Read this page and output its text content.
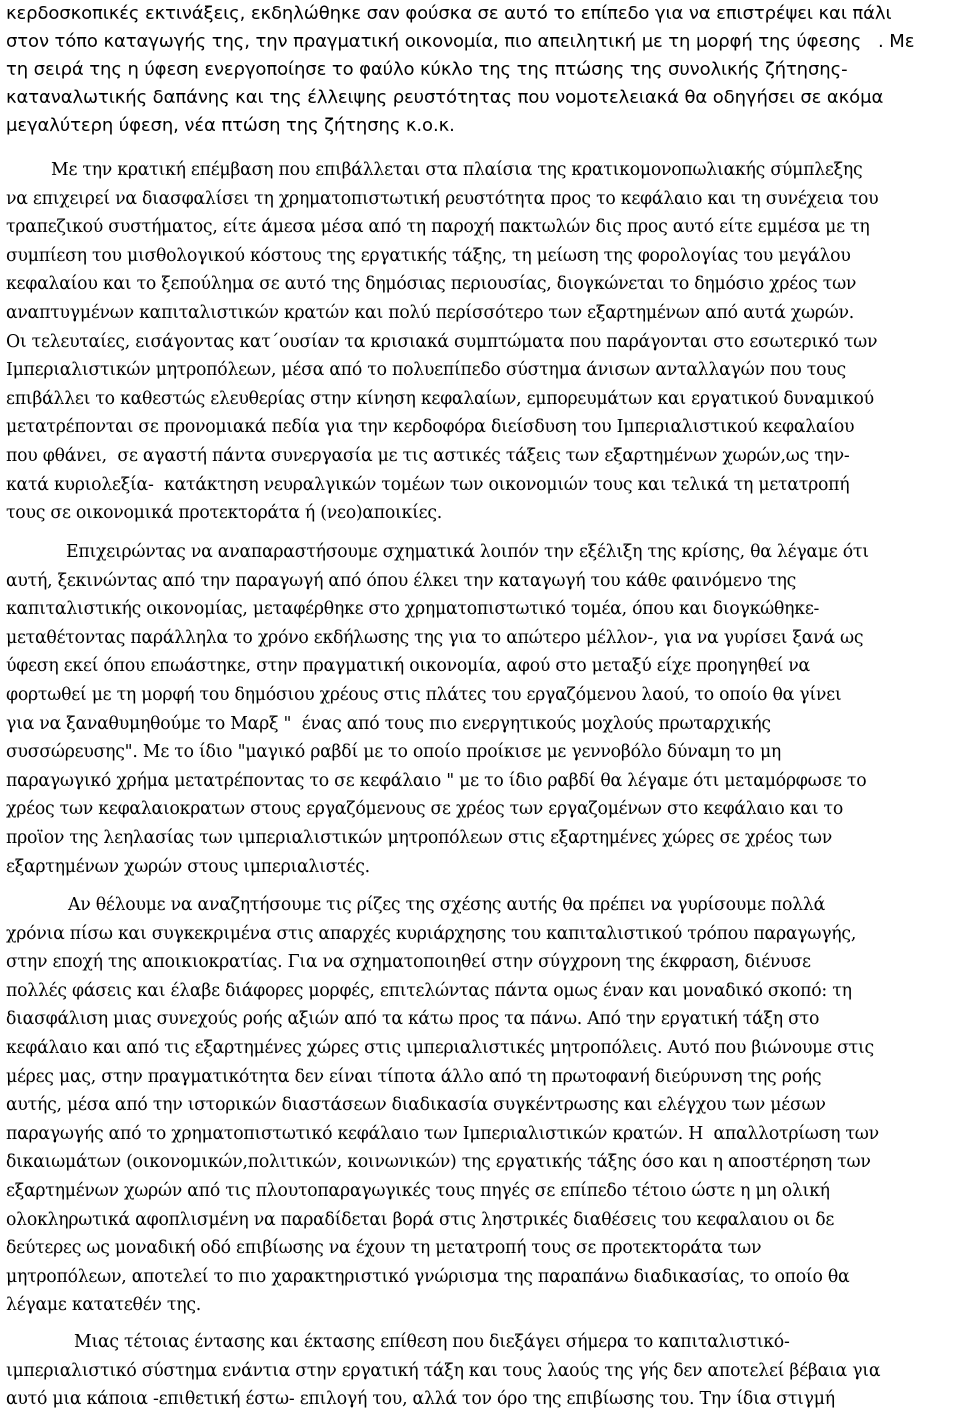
κερδοσκοπικές εκτινάξεις, εκδηλώθηκε σαν φούσκα σε αυτό το επίπεδο για να επιστρέψει και πάλι
στον τόπο καταγωγής της, την πραγματική οικονομία, πιο απειλητική με τη μορφή της ύφεσης   . Με
τη σειρά της η ύφεση ενεργοποίησε το φαύλο κύκλο της της πτώσης της συνολικής ζήτησης-
καταναλωτικής δαπάνης και της έλλειψης ρευστότητας που νομοτελειακά θα οδηγήσει σε ακόμα
μεγαλύτερη ύφεση, νέα πτώση της ζήτησης κ.ο.κ.
Με την κρατική επέμβαση που επιβάλλεται στα πλαίσια της κρατικομονοπωλιακής σύμπλεξης
να επιχειρεί να διασφαλίσει τη χρηματοπιστωτική ρευστότητα προς το κεφάλαιο και τη συνέχεια του
τραπεζικού συστήματος, είτε άμεσα μέσα από τη παροχή πακτωλών δις προς αυτό είτε εμμέσα με τη
συμπίεση του μισθολογικού κόστους της εργατικής τάξης, τη μείωση της φορολογίας του μεγάλου
κεφαλαίου και το ξεπούλημα σε αυτό της δημόσιας περιουσίας, διογκώνεται το δημόσιο χρέος των
αναπτυγμένων καπιταλιστικών κρατών και πολύ περίσσότερο των εξαρτημένων από αυτά χωρών.
Οι τελευταίες, εισάγοντας κατ΄ουσίαν τα κρισιακά συμπτώματα που παράγονται στο εσωτερικό των
Ιμπεριαλιστικών μητροπόλεων, μέσα από το πολυεπίπεδο σύστημα άνισων ανταλλαγών που τους
επιβάλλει το καθεστώς ελευθερίας στην κίνηση κεφαλαίων, εμπορευμάτων και εργατικού δυναμικού
μετατρέπονται σε προνομιακά πεδία για την κερδοφόρα διείσδυση του Ιμπεριαλιστικού κεφαλαίου
που φθάνει,  σε αγαστή πάντα συνεργασία με τις αστικές τάξεις των εξαρτημένων χωρών,ως την-
κατά κυριολεξία-  κατάκτηση νευραλγικών τομέων των οικονομιών τους και τελικά τη μετατροπή
τους σε οικονομικά προτεκτοράτα ή (νεο)αποικίες.
Επιχειρώντας να αναπαραστήσουμε σχηματικά λοιπόν την εξέλιξη της κρίσης, θα λέγαμε ότι
αυτή, ξεκινώντας από την παραγωγή από όπου έλκει την καταγωγή του κάθε φαινόμενο της
καπιταλιστικής οικονομίας, μεταφέρθηκε στο χρηματοπιστωτικό τομέα, όπου και διογκώθηκε-
μεταθέτοντας παράλληλα το χρόνο εκδήλωσης της για το απώτερο μέλλον-, για να γυρίσει ξανά ως
ύφεση εκεί όπου επωάστηκε, στην πραγματική οικονομία, αφού στο μεταξύ είχε προηγηθεί να
φορτωθεί με τη μορφή του δημόσιου χρέους στις πλάτες του εργαζόμενου λαού, το οποίο θα γίνει
για να ξαναθυμηθούμε το Μαρξ "  ένας από τους πιο ενεργητικούς μοχλούς πρωταρχικής
συσσώρευσης". Με το ίδιο "μαγικό ραβδί με το οποίο προίκισε με γεννοβόλο δύναμη το μη
παραγωγικό χρήμα μετατρέποντας το σε κεφάλαιο " με το ίδιο ραβδί θα λέγαμε ότι μεταμόρφωσε το
χρέος των κεφαλαιοκρατων στους εργαζόμενους σε χρέος των εργαζομένων στο κεφάλαιο και το
προϊον της λεηλασίας των ιμπεριαλιστικών μητροπόλεων στις εξαρτημένες χώρες σε χρέος των
εξαρτημένων χωρών στους ιμπεριαλιστές.
Αν θέλουμε να αναζητήσουμε τις ρίζες της σχέσης αυτής θα πρέπει να γυρίσουμε πολλά
χρόνια πίσω και συγκεκριμένα στις απαρχές κυριάρχησης του καπιταλιστικού τρόπου παραγωγής,
στην εποχή της αποικιοκρατίας. Για να σχηματοποιηθεί στην σύγχρονη της έκφραση, διένυσε
πολλές φάσεις και έλαβε διάφορες μορφές, επιτελώντας πάντα ομως έναν και μοναδικό σκοπό: τη
διασφάλιση μιας συνεχούς ροής αξιών από τα κάτω προς τα πάνω. Από την εργατική τάξη στο
κεφάλαιο και από τις εξαρτημένες χώρες στις ιμπεριαλιστικές μητροπόλεις. Αυτό που βιώνουμε στις
μέρες μας, στην πραγματικότητα δεν είναι τίποτα άλλο από τη πρωτοφανή διεύρυνση της ροής
αυτής, μέσα από την ιστορικών διαστάσεων διαδικασία συγκέντρωσης και ελέγχου των μέσων
παραγωγής από το χρηματοπιστωτικό κεφάλαιο των Ιμπεριαλιστικών κρατών. Η  απαλλοτρίωση των
δικαιωμάτων (οικονομικών,πολιτικών, κοινωνικών) της εργατικής τάξης όσο και η αποστέρηση των
εξαρτημένων χωρών από τις πλουτοπαραγωγικές τους πηγές σε επίπεδο τέτοιο ώστε η μη ολική
ολοκληρωτικά αφοπλισμένη να παραδίδεται βορά στις ληστρικές διαθέσεις του κεφαλαιου οι δε
δεύτερες ως μοναδική οδό επιβίωσης να έχουν τη μετατροπή τους σε προτεκτοράτα των
μητροπόλεων, αποτελεί το πιο χαρακτηριστικό γνώρισμα της παραπάνω διαδικασίας, το οποίο θα
λέγαμε κατατεθέν της.
Μιας τέτοιας έντασης και έκτασης επίθεση που διεξάγει σήμερα το καπιταλιστικό-
ιμπεριαλιστικό σύστημα ενάντια στην εργατική τάξη και τους λαούς της γής δεν αποτελεί βέβαια για
αυτό μια κάποια -επιθετική έστω- επιλογή του, αλλά τον όρο της επιβίωσης του. Την ίδια στιγμή
